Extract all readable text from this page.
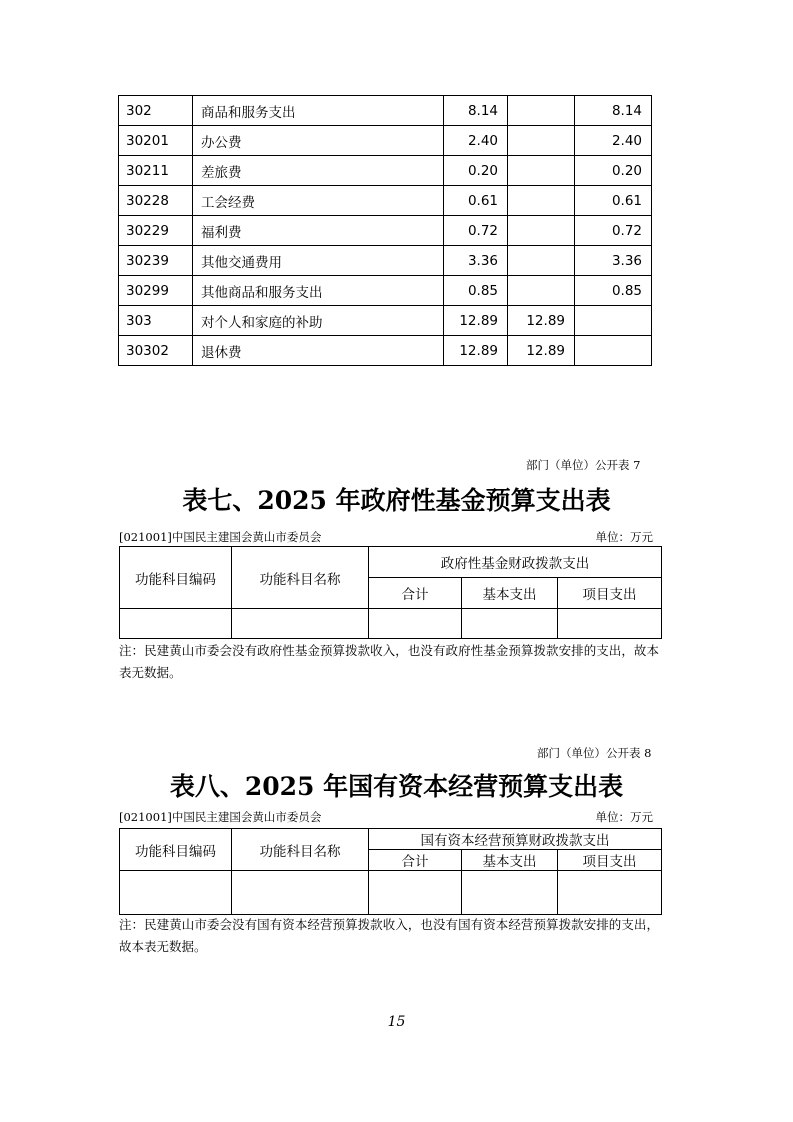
302	商品和服务支出	8.14		8.14
30201	办公费	2.40		2.40
30211	差旅费	0.20		0.20
30228	工会经费	0.61		0.61
30229	福利费	0.72		0.72
30239	其他交通费用	3.36		3.36
30299	其他商品和服务支出	0.85		0.85
303	对个人和家庭的补助	12.89	12.89	
30302	退休费	12.89	12.89	
部门（单位）公开表 7
表七、2025 年政府性基金预算支出表
[021001]中国民主建国会黄山市委员会	单位：万元
功能科目编码	功能科目名称	政府性基金财政拨款支出		
		合计	基本支出	项目支出

注：民建黄山市委会没有政府性基金预算拨款收入，也没有政府性基金预算拨款安排的支出，故本表无数据。
部门（单位）公开表 8
表八、2025 年国有资本经营预算支出表
[021001]中国民主建国会黄山市委员会	单位：万元
功能科目编码	功能科目名称	国有资本经营预算财政拨款支出		
		合计	基本支出	项目支出

注：民建黄山市委会没有国有资本经营预算拨款收入，也没有国有资本经营预算拨款安排的支出，故本表无数据。
15
